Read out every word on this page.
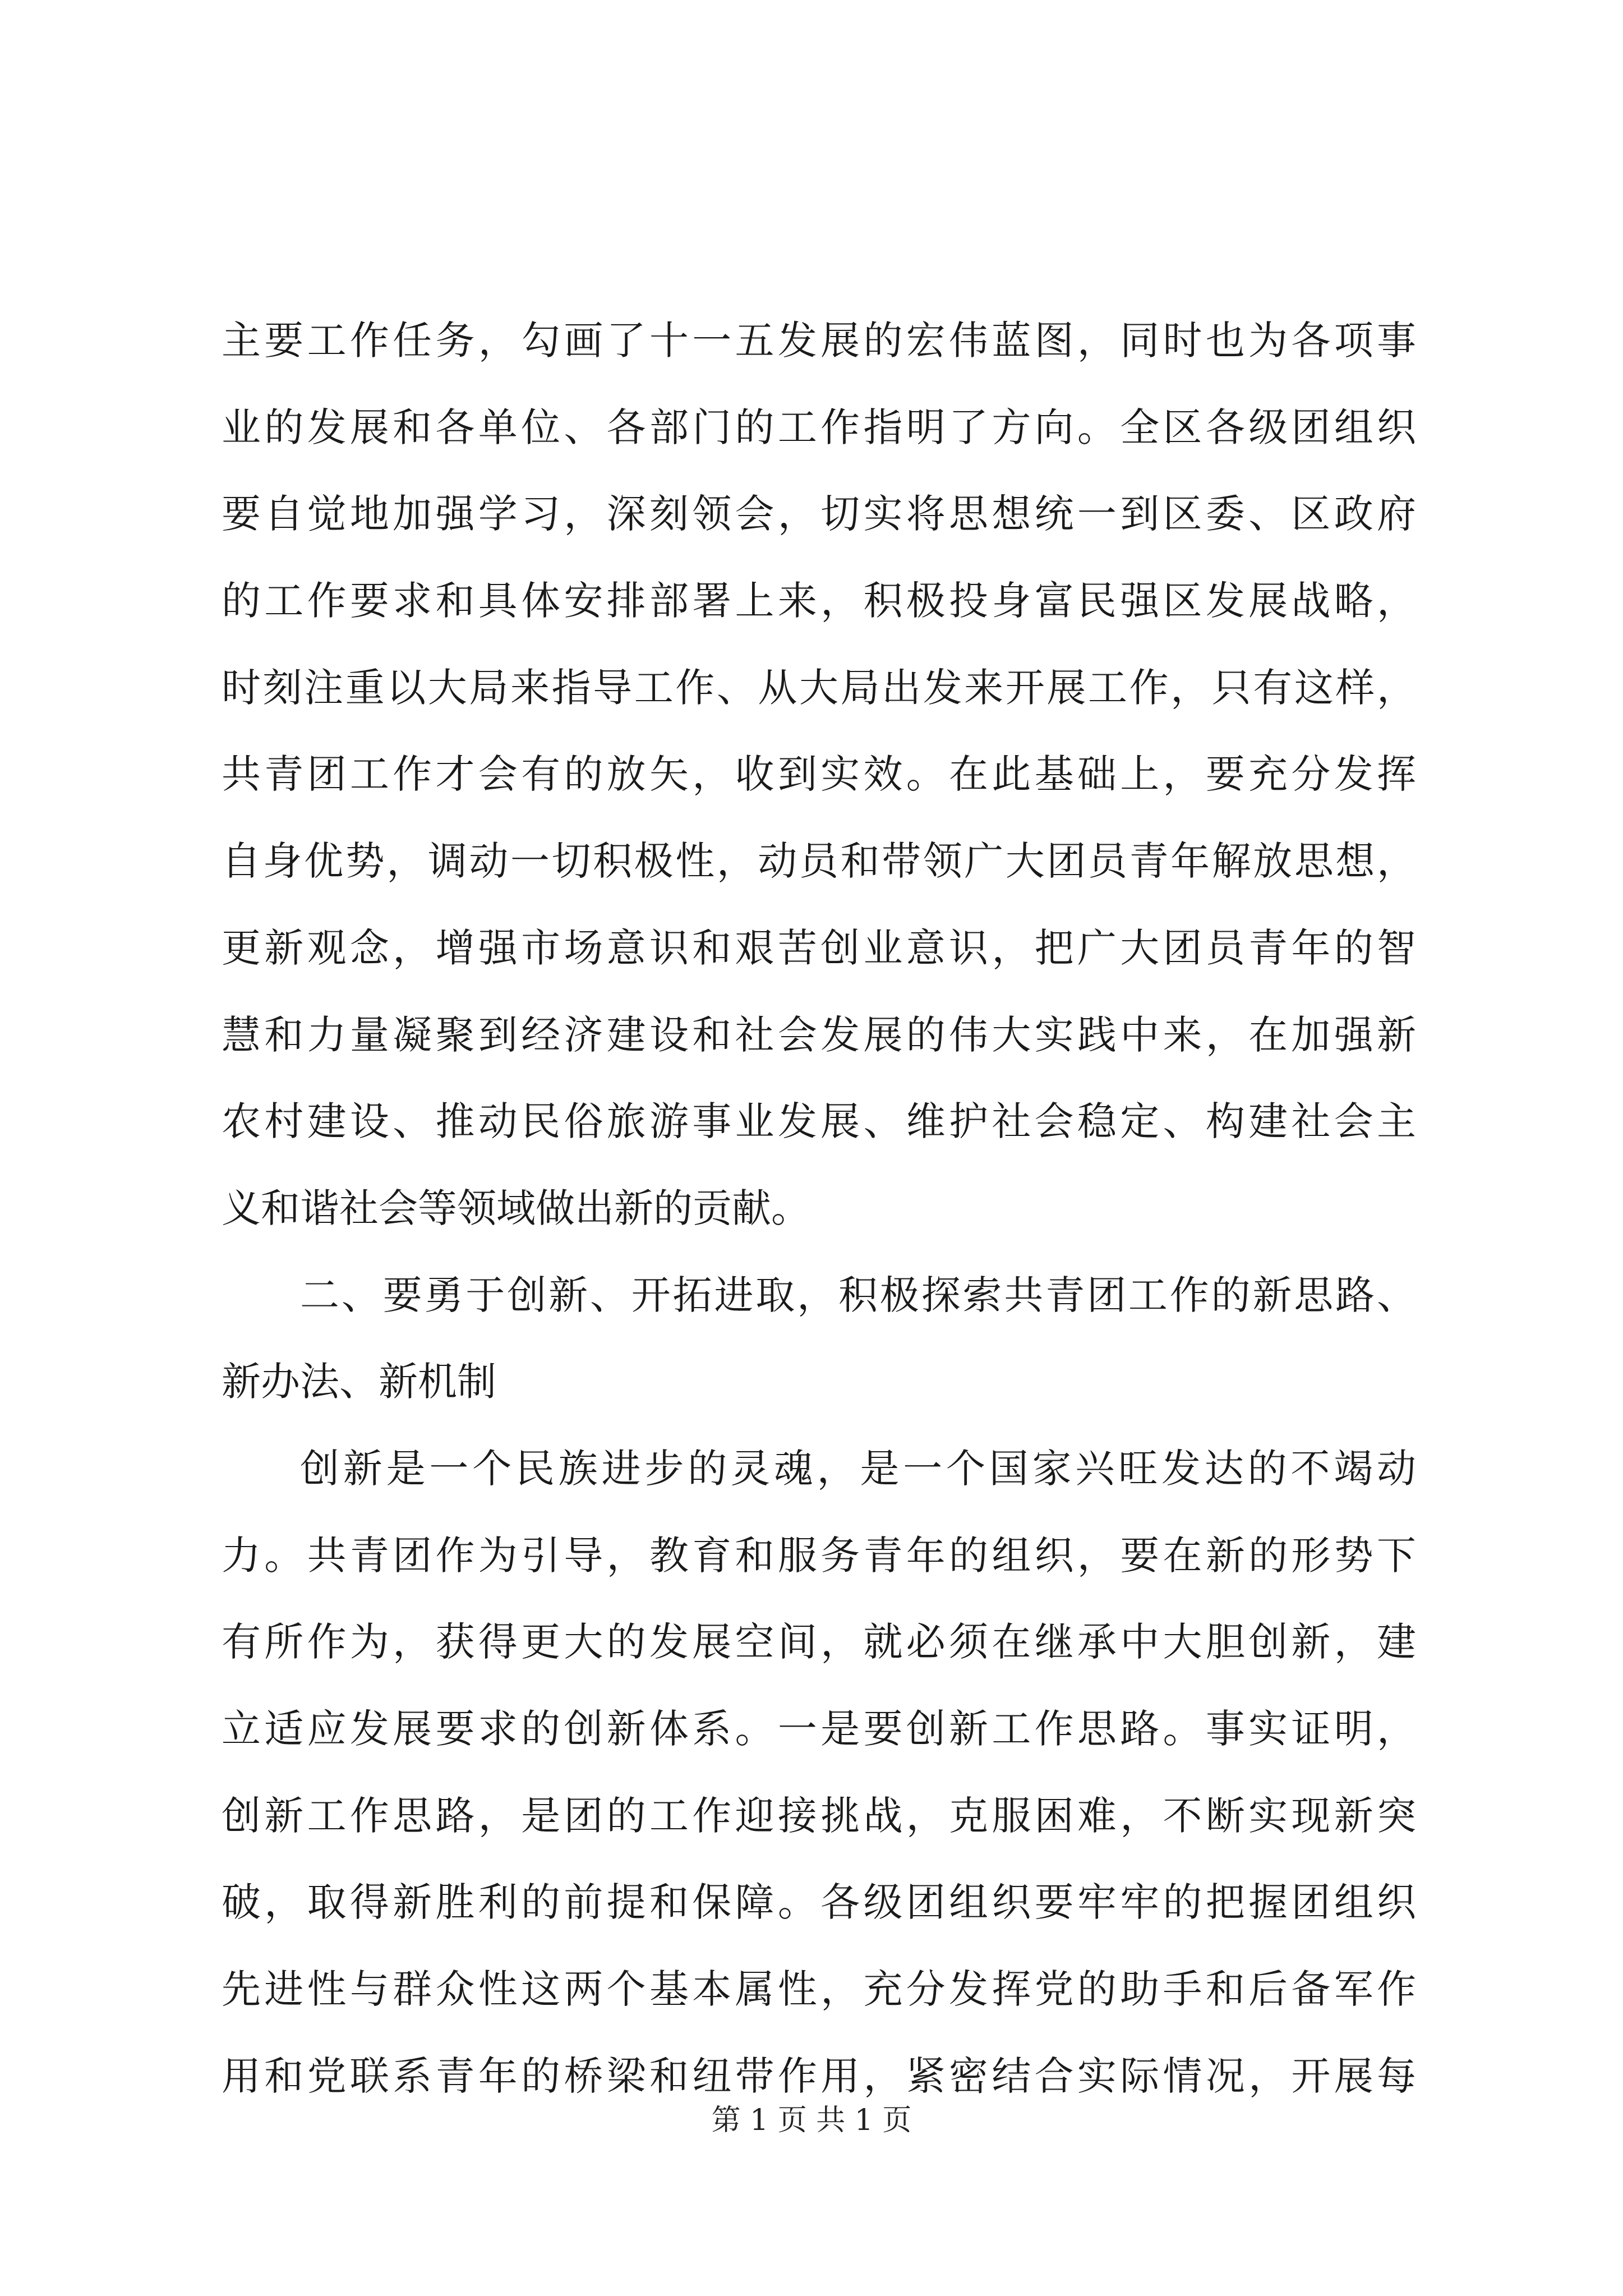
主要工作任务，勾画了十一五发展的宏伟蓝图，同时也为各项事
业的发展和各单位、各部门的工作指明了方向。全区各级团组织
要自觉地加强学习，深刻领会，切实将思想统一到区委、区政府
的工作要求和具体安排部署上来，积极投身富民强区发展战略，
时刻注重以大局来指导工作、从大局出发来开展工作，只有这样，
共青团工作才会有的放矢，收到实效。在此基础上，要充分发挥
自身优势，调动一切积极性，动员和带领广大团员青年解放思想，
更新观念，增强市场意识和艰苦创业意识，把广大团员青年的智
慧和力量凝聚到经济建设和社会发展的伟大实践中来，在加强新
农村建设、推动民俗旅游事业发展、维护社会稳定、构建社会主
义和谐社会等领域做出新的贡献。
二、要勇于创新、开拓进取，积极探索共青团工作的新思路、
新办法、新机制
创新是一个民族进步的灵魂，是一个国家兴旺发达的不竭动
力。共青团作为引导，教育和服务青年的组织，要在新的形势下
有所作为，获得更大的发展空间，就必须在继承中大胆创新，建
立适应发展要求的创新体系。一是要创新工作思路。事实证明，
创新工作思路，是团的工作迎接挑战，克服困难，不断实现新突
破，取得新胜利的前提和保障。各级团组织要牢牢的把握团组织
先进性与群众性这两个基本属性，充分发挥党的助手和后备军作
用和党联系青年的桥梁和纽带作用，紧密结合实际情况，开展每
第 1 页 共 1 页
